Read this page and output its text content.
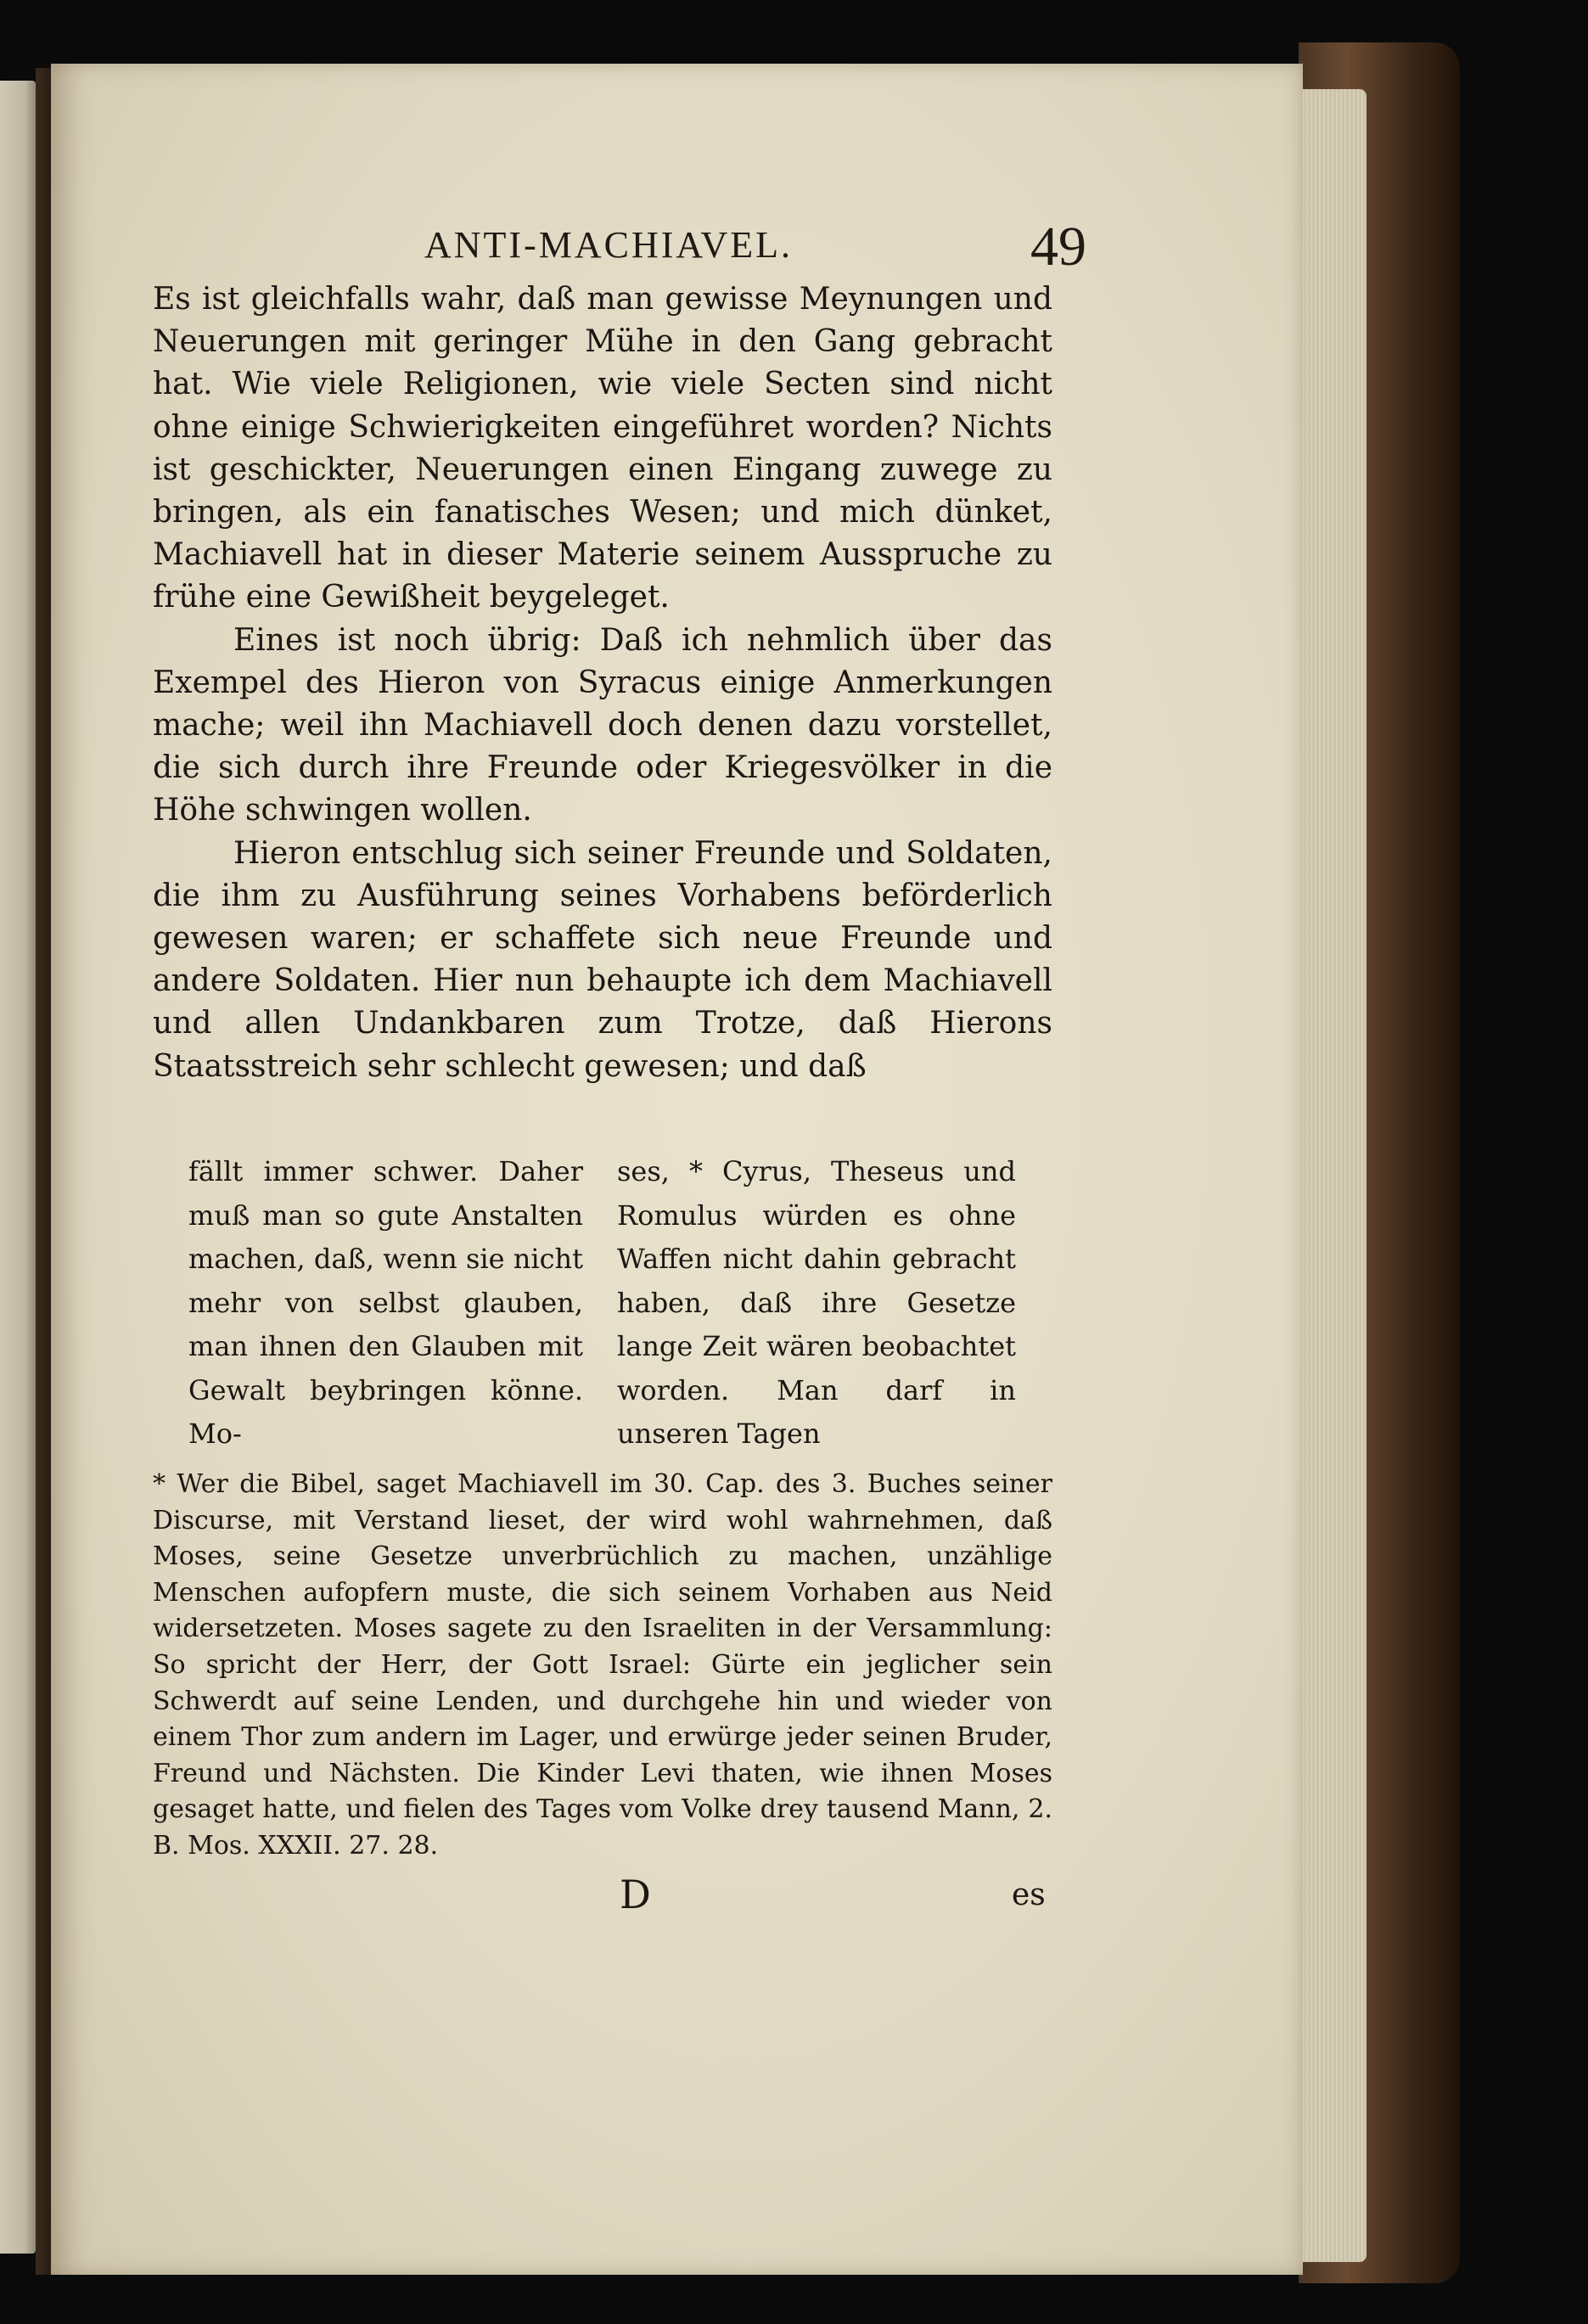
ANTI-MACHIAVEL.	49

Es ist gleichfalls wahr, daß man gewisse Meynungen und Neuerungen mit geringer Mühe in den Gang gebracht hat. Wie viele Religionen, wie viele Secten sind nicht ohne einige Schwierigkeiten eingeführet worden? Nichts ist geschickter, Neuerungen einen Eingang zuwege zu bringen, als ein fanatisches Wesen; und mich dünket, Machiavell hat in dieser Materie seinem Ausspruche zu frühe eine Gewißheit beygeleget.

Eines ist noch übrig: Daß ich nehmlich über das Exempel des Hieron von Syracus einige Anmerkungen mache; weil ihn Machiavell doch denen dazu vorstellet, die sich durch ihre Freunde oder Kriegesvölker in die Höhe schwingen wollen.

Hieron entschlug sich seiner Freunde und Soldaten, die ihm zu Ausführung seines Vorhabens beförderlich gewesen waren; er schaffete sich neue Freunde und andere Soldaten. Hier nun behaupte ich dem Machiavell und allen Undankbaren zum Trotze, daß Hierons Staatsstreich sehr schlecht gewesen; und daß

fällt immer schwer. Daher muß man so gute Anstalten machen, daß, wenn sie nicht mehr von selbst glauben, man ihnen den Glauben mit Gewalt beybringen könne. Mo-
ses, * Cyrus, Theseus und Romulus würden es ohne Waffen nicht dahin gebracht haben, daß ihre Gesetze lange Zeit wären beobachtet worden. Man darf in unseren Tagen
* Wer die Bibel, saget Machiavell im 30. Cap. des 3. Buches seiner Discurse, mit Verstand lieset, der wird wohl wahrnehmen, daß Moses, seine Gesetze unverbrüchlich zu machen, unzählige Menschen aufopfern muste, die sich seinem Vorhaben aus Neid widersetzeten. Moses sagete zu den Israeliten in der Versammlung: So spricht der Herr, der Gott Israel: Gürte ein jeglicher sein Schwerdt auf seine Lenden, und durchgehe hin und wieder von einem Thor zum andern im Lager, und erwürge jeder seinen Bruder, Freund und Nächsten. Die Kinder Levi thaten, wie ihnen Moses gesaget hatte, und fielen des Tages vom Volke drey tausend Mann, 2. B. Mos. XXXII. 27. 28.
D	es
